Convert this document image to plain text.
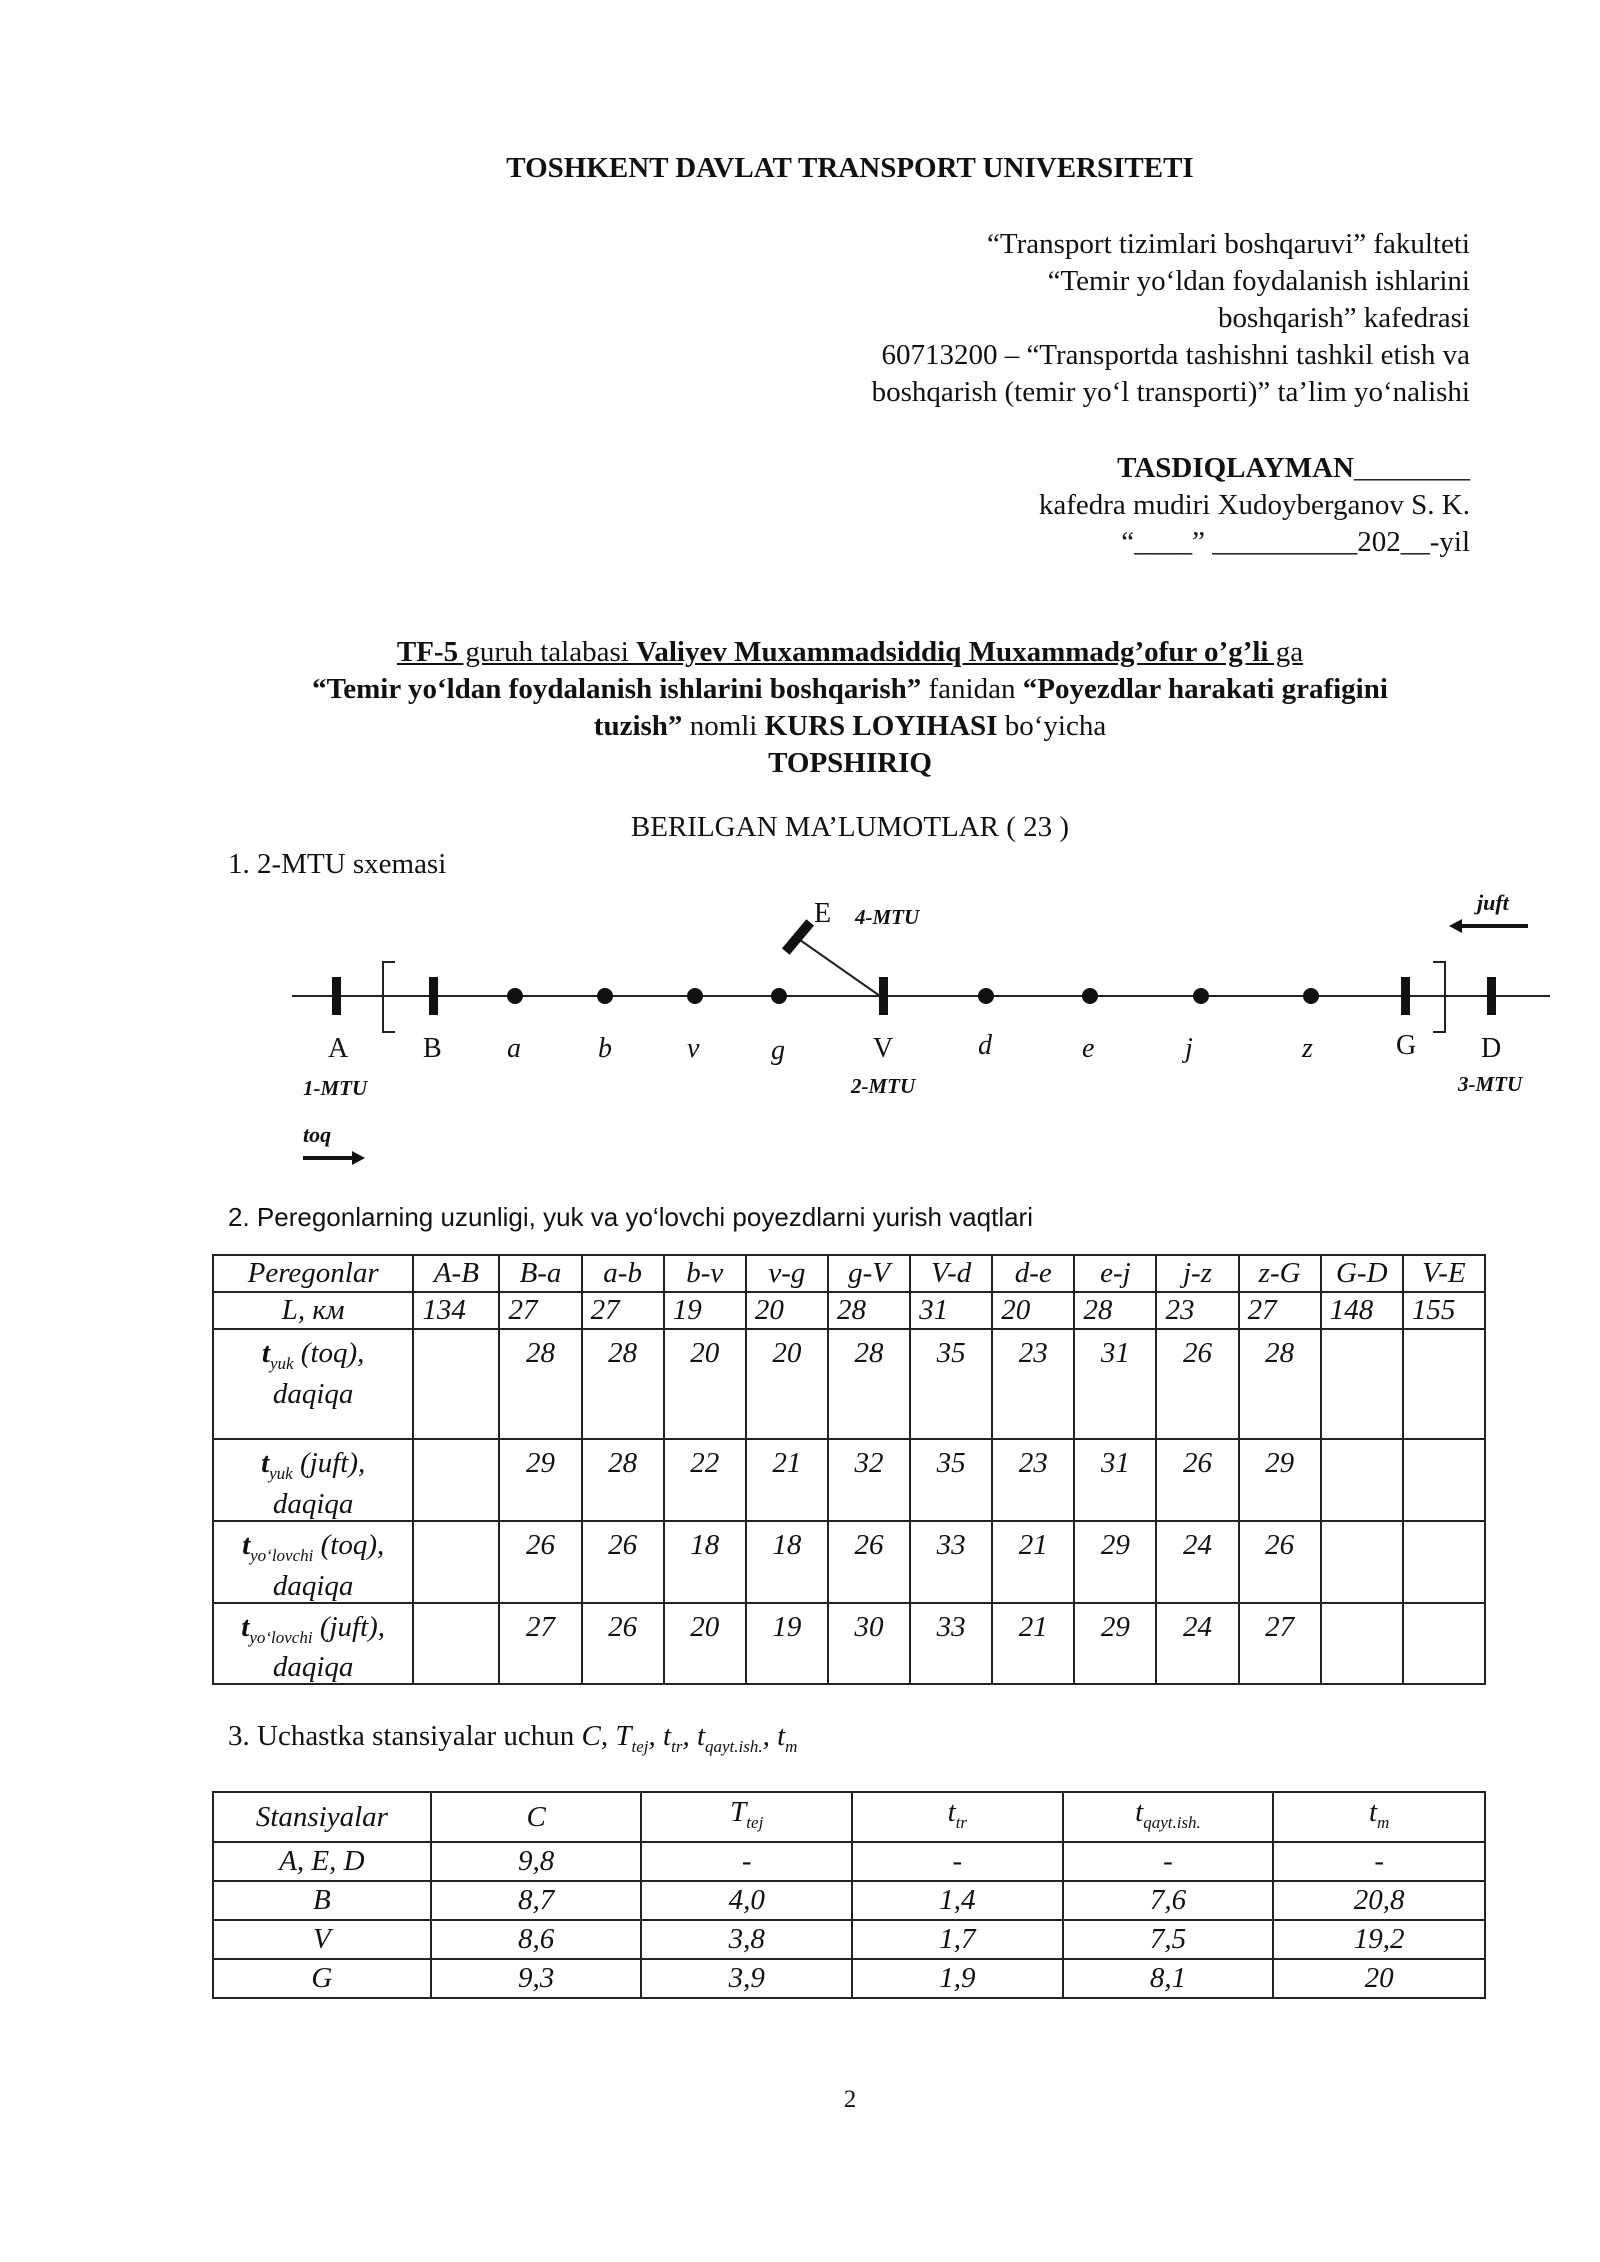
TOSHKENT DAVLAT TRANSPORT UNIVERSITETI
“Transport tizimlari boshqaruvi” fakulteti
“Temir yo‘ldan foydalanish ishlarini
boshqarish” kafedrasi
60713200 – “Transportda tashishni tashkil etish va
boshqarish (temir yo‘l transporti)” ta’lim yo‘nalishi
TASDIQLAYMAN________
kafedra mudiri Xudoyberganov S. K.
“____” __________202__-yil
TF-5 guruh talabasi Valiyev Muxammadsiddiq Muxammadg’ofur o’g’li ga
“Temir yo‘ldan foydalanish ishlarini boshqarish” fanidan “Poyezdlar harakati grafigini
tuzish” nomli KURS LOYIHASI bo‘yicha
TOPSHIRIQ
BERILGAN MA’LUMOTLAR ( 23 )
1. 2-MTU sxemasi
E 4-MTU
A	B a	b	v	g	V	d	e	j	z	G D
1-MTU	2-MTU	3-MTU
toq
juft
2. Peregonlarning uzunligi, yuk va yo‘lovchi poyezdlarni yurish vaqtlari
Peregonlar	A-B	B-a	a-b	b-v	v-g	g-V	V-d	d-e	e-j	j-z	z-G	G-D	V-E
L, км	134	27	27	19	20	28	31	20	28	23	27	148	155
$t_{yuk}$ (toq),
daqiqa		28	28	20	20	28	35	23	31	26	28		
$t_{yuk}$ (juft),
daqiqa		29	28	22	21	32	35	23	31	26	29		
$t_{yo‘lovchi}$ (toq),
daqiqa		26	26	18	18	26	33	21	29	24	26		
$t_{yo‘lovchi}$ (juft),
daqiqa		27	26	20	19	30	33	21	29	24	27		
3. Uchastka stansiyalar uchun C, $T_{tej}$, $t_{tr}$, $t_{qayt.ish.}$, $t_m$
Stansiyalar	C	$T_{tej}$	$t_{tr}$	$t_{qayt.ish.}$	$t_m$
A, E, D	9,8	-	-	-	-
B	8,7	4,0	1,4	7,6	20,8
V	8,6	3,8	1,7	7,5	19,2
G	9,3	3,9	1,9	8,1	20
2
